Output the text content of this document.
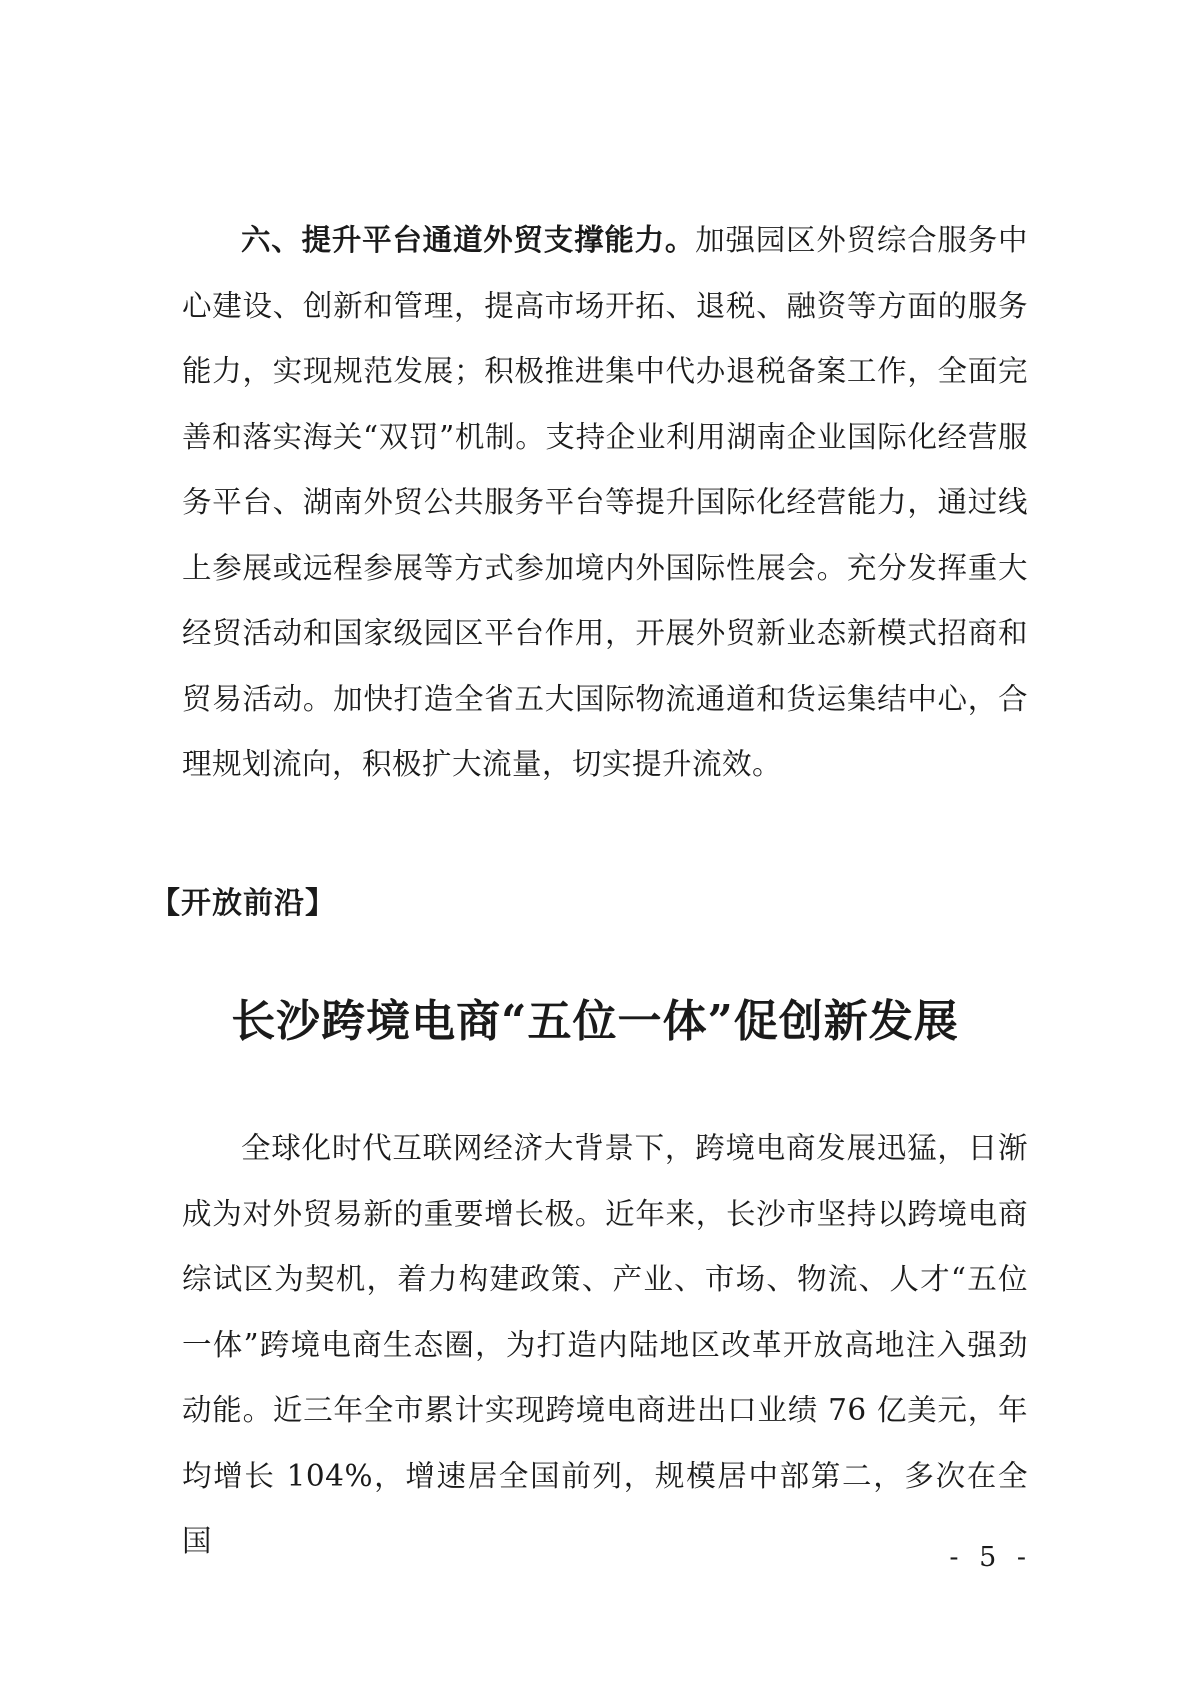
六、提升平台通道外贸支撑能力。加强园区外贸综合服务中心建设、创新和管理，提高市场开拓、退税、融资等方面的服务能力，实现规范发展；积极推进集中代办退税备案工作，全面完善和落实海关“双罚”机制。支持企业利用湖南企业国际化经营服务平台、湖南外贸公共服务平台等提升国际化经营能力，通过线上参展或远程参展等方式参加境内外国际性展会。充分发挥重大经贸活动和国家级园区平台作用，开展外贸新业态新模式招商和贸易活动。加快打造全省五大国际物流通道和货运集结中心，合理规划流向，积极扩大流量，切实提升流效。

【开放前沿】

长沙跨境电商“五位一体”促创新发展

全球化时代互联网经济大背景下，跨境电商发展迅猛，日渐成为对外贸易新的重要增长极。近年来，长沙市坚持以跨境电商综试区为契机，着力构建政策、产业、市场、物流、人才“五位一体”跨境电商生态圈，为打造内陆地区改革开放高地注入强劲动能。近三年全市累计实现跨境电商进出口业绩 76 亿美元，年均增长 104%，增速居全国前列，规模居中部第二，多次在全国	- 5 -
